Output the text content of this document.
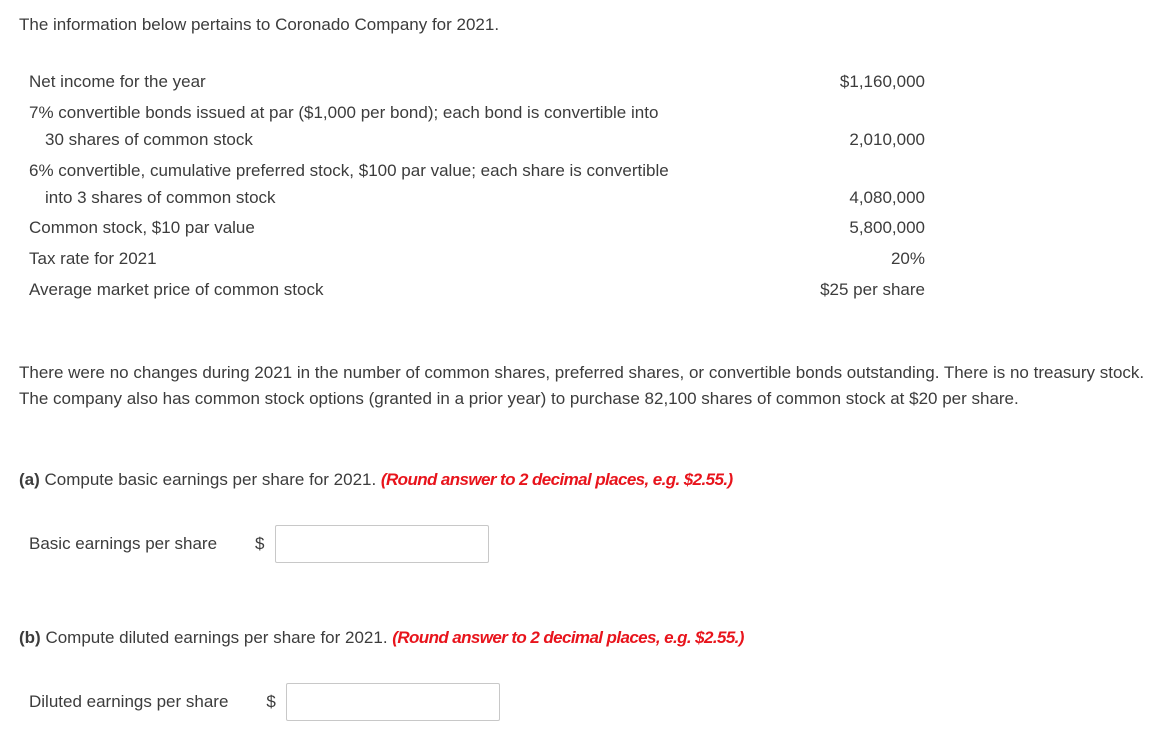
The information below pertains to Coronado Company for 2021.

Net income for the year	$1,160,000
7% convertible bonds issued at par ($1,000 per bond); each bond is convertible into
30 shares of common stock	2,010,000
6% convertible, cumulative preferred stock, $100 par value; each share is convertible
into 3 shares of common stock	4,080,000
Common stock, $10 par value	5,800,000
Tax rate for 2021	20%
Average market price of common stock	$25 per share

There were no changes during 2021 in the number of common shares, preferred shares, or convertible bonds outstanding. There is no treasury stock. The company also has common stock options (granted in a prior year) to purchase 82,100 shares of common stock at $20 per share.

(a) Compute basic earnings per share for 2021. (Round answer to 2 decimal places, e.g. $2.55.)

Basic earnings per share $

(b) Compute diluted earnings per share for 2021. (Round answer to 2 decimal places, e.g. $2.55.)

Diluted earnings per share $
